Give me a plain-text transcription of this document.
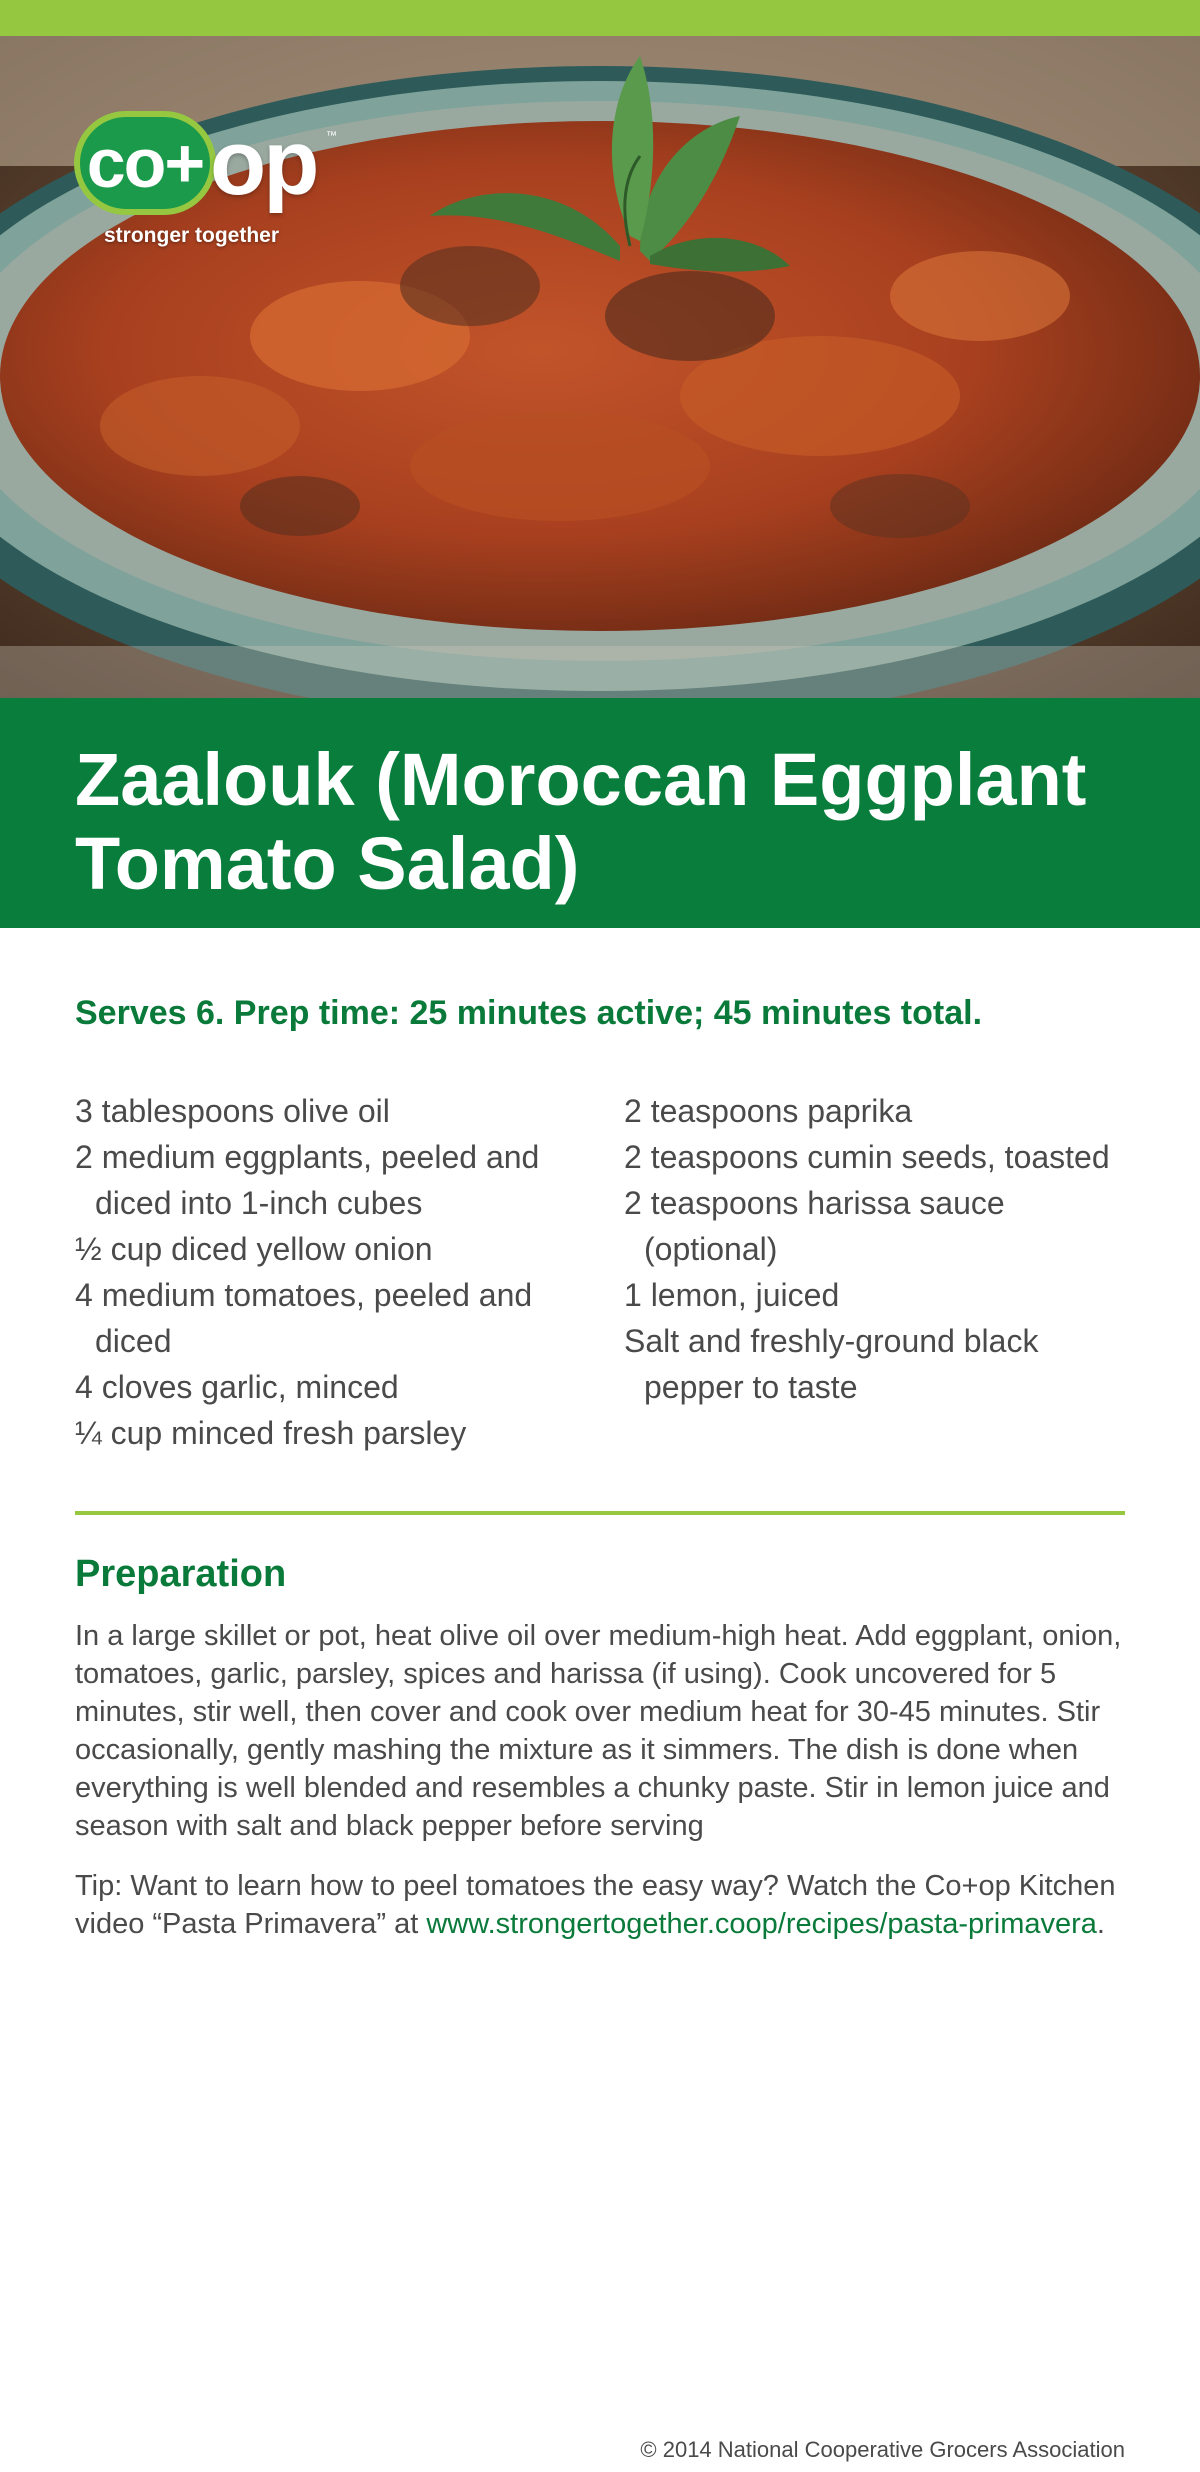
co+ op ™
stronger together
Zaalouk (Moroccan Eggplant Tomato Salad)
Serves 6. Prep time: 25 minutes active; 45 minutes total.
3 tablespoons olive oil
2 medium eggplants, peeled and diced into 1-inch cubes
½ cup diced yellow onion
4 medium tomatoes, peeled and diced
4 cloves garlic, minced
¼ cup minced fresh parsley
2 teaspoons paprika
2 teaspoons cumin seeds, toasted
2 teaspoons harissa sauce (optional)
1 lemon, juiced
Salt and freshly-ground black pepper to taste
Preparation

In a large skillet or pot, heat olive oil over medium-high heat. Add eggplant, onion, tomatoes, garlic, parsley, spices and harissa (if using). Cook uncovered for 5 minutes, stir well, then cover and cook over medium heat for 30-45 minutes. Stir occasionally, gently mashing the mixture as it simmers. The dish is done when everything is well blended and resembles a chunky paste. Stir in lemon juice and season with salt and black pepper before serving

Tip: Want to learn how to peel tomatoes the easy way? Watch the Co+op Kitchen video “Pasta Primavera” at www.strongertogether.coop/recipes/pasta-primavera.

© 2014 National Cooperative Grocers Association
